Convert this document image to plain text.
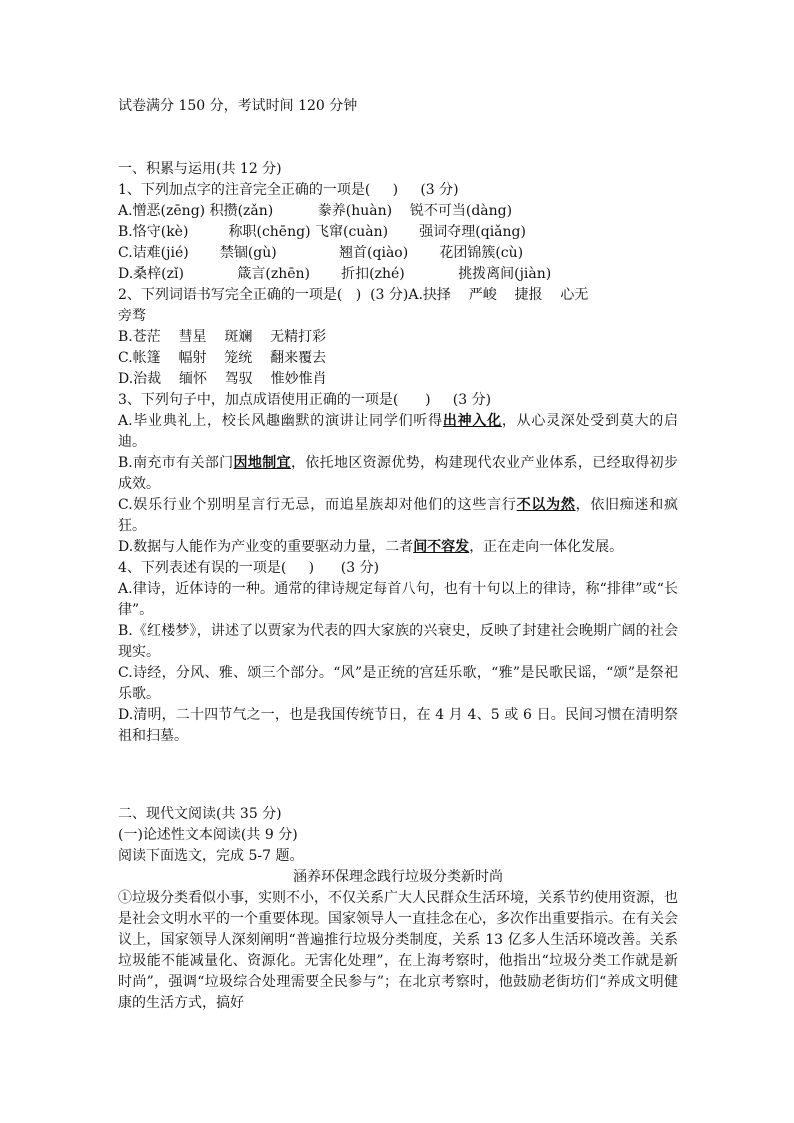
试卷满分 150 分，考试时间 120 分钟
一、积累与运用(共 12 分)
1、下列加点字的注音完全正确的一项是(     )     (3 分)
A.憎恶(zēng) 积攒(zǎn)          豢养(huàn)    锐不可当(dàng)
B.恪守(kè)         称职(chēng) 飞窜(cuàn)       强词夺理(qiǎng)
C.诘难(jié)       禁锢(gù)              翘首(qiào)       花团锦簇(cù)
D.桑梓(zǐ)            箴言(zhēn)       折扣(zhé)            挑拨离间(jiàn)
2、下列词语书写完全正确的一项是(   )  (3 分)A.抉择    严峻    捷报    心无
旁骛
B.苍茫    彗星    斑斓    无精打彩
C.帐篷    幅射    笼统    翻来覆去
D.治裁    缅怀    驾驭    惟妙惟肖
3、下列句子中，加点成语使用正确的一项是(      )     (3 分)
A.毕业典礼上，校长风趣幽默的演讲让同学们听得出神入化，从心灵深处受到莫大的启迪。
B.南充市有关部门因地制宜，依托地区资源优势，构建现代农业产业体系，已经取得初步成效。
C.娱乐行业个别明星言行无忌，而追星族却对他们的这些言行不以为然，依旧痴迷和疯狂。
D.数据与人能作为产业变的重要驱动力量，二者间不容发，正在走向一体化发展。
4、下列表述有误的一项是(     )      (3 分)
A.律诗，近体诗的一种。通常的律诗规定每首八句，也有十句以上的律诗，称“排律”或“长律”。
B.《红楼梦》，讲述了以贾家为代表的四大家族的兴衰史，反映了封建社会晚期广阔的社会现实。
C.诗经，分风、雅、颂三个部分。“风”是正统的宫廷乐歌，“雅”是民歌民谣，“颂”是祭祀乐歌。
D.清明，二十四节气之一，也是我国传统节日，在 4 月 4、5 或 6 日。民间习惯在清明祭祖和扫墓。
二、现代文阅读(共 35 分)
(一)论述性文本阅读(共 9 分)
阅读下面选文，完成 5-7 题。
涵养环保理念践行垃圾分类新时尚
①垃圾分类看似小事，实则不小，不仅关系广大人民群众生活环境，关系节约使用资源，也是社会文明水平的一个重要体现。国家领导人一直挂念在心，多次作出重要指示。在有关会议上，国家领导人深刻阐明“普遍推行垃圾分类制度，关系 13 亿多人生活环境改善。关系垃圾能不能减量化、资源化。无害化处理”，在上海考察时，他指出“垃圾分类工作就是新时尚”，强调“垃圾综合处理需要全民参与”；在北京考察时，他鼓励老街坊们“养成文明健康的生活方式，搞好
